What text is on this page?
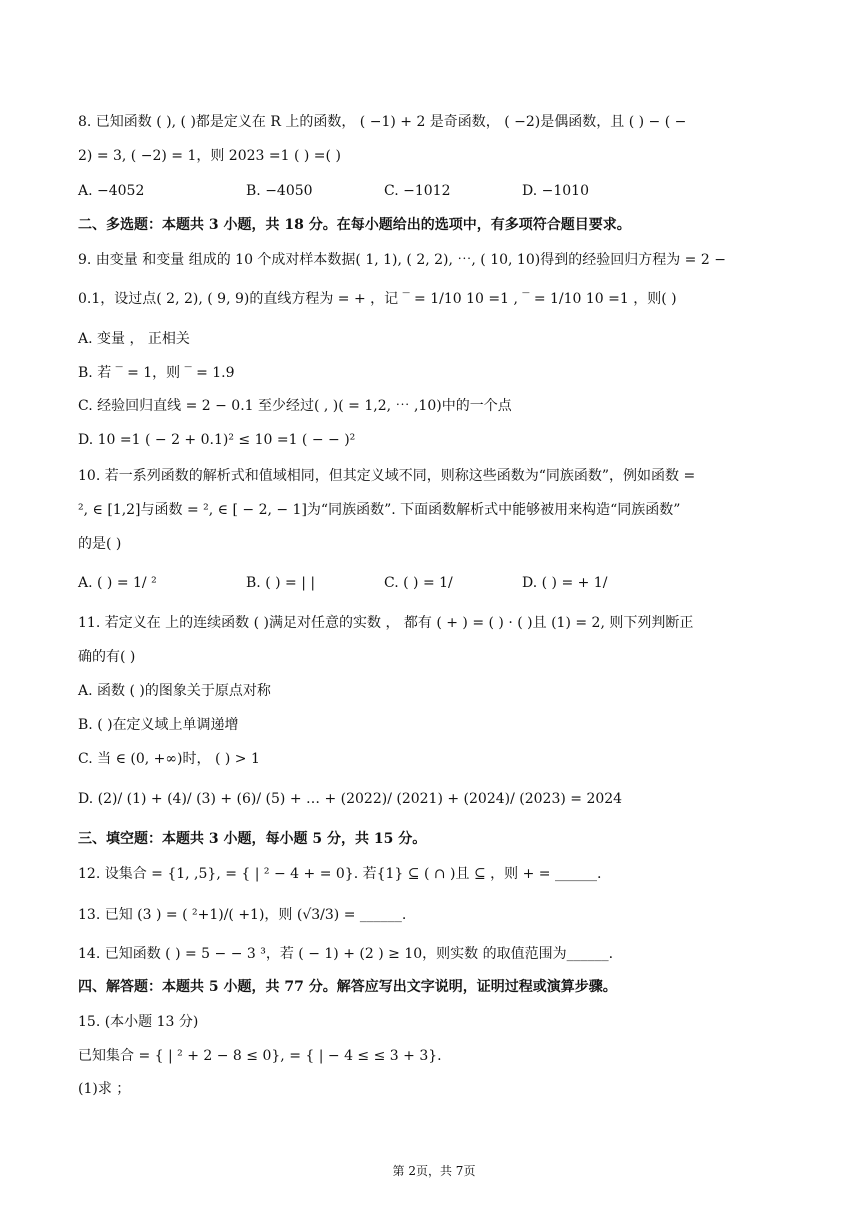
8. 已知函数 ( ), ( )都是定义在 R 上的函数， ( −1) + 2 是奇函数， ( −2)是偶函数，且 ( ) − ( −
2) = 3, ( −2) = 1，则 2023 =1 ( ) =( )
A. −4052	B. −4050	C. −1012	D. −1010
二、多选题：本题共 3 小题，共 18 分。在每小题给出的选项中，有多项符合题目要求。
9. 由变量 和变量 组成的 10 个成对样本数据( 1, 1), ( 2, 2), ⋯, ( 10, 10)得到的经验回归方程为 = 2 −
0.1，设过点( 2, 2), ( 9, 9)的直线方程为 = + ，记 ‾ = 1/10 10 =1 , ‾ = 1/10 10 =1 ，则( )
A. 变量 ， 正相关
B. 若 ‾ = 1，则 ‾ = 1.9
C. 经验回归直线 = 2 − 0.1 至少经过( , )( = 1,2, ⋯ ,10)中的一个点
D. 10 =1 ( − 2 + 0.1)² ≤ 10 =1 ( − − )²
10. 若一系列函数的解析式和值域相同，但其定义域不同，则称这些函数为“同族函数”，例如函数 =
², ∈ [1,2]与函数 = ², ∈ [ − 2, − 1]为“同族函数”. 下面函数解析式中能够被用来构造“同族函数”
的是( )
A. ( ) = 1/ ²	B. ( ) = | |	C. ( ) = 1/	D. ( ) = + 1/
11. 若定义在 上的连续函数 ( )满足对任意的实数 ， 都有 ( + ) = ( ) · ( )且 (1) = 2, 则下列判断正
确的有( )
A. 函数 ( )的图象关于原点对称
B. ( )在定义域上单调递增
C. 当 ∈ (0, +∞)时， ( ) > 1
D. (2)/ (1) + (4)/ (3) + (6)/ (5) + … + (2022)/ (2021) + (2024)/ (2023) = 2024
三、填空题：本题共 3 小题，每小题 5 分，共 15 分。
12. 设集合 = {1, ,5}, = { | ² − 4 + = 0}. 若{1} ⊆ ( ∩ )且 ⊆ ，则 + = ______.
13. 已知 (3 ) = ( ²+1)/( +1)，则 (√3/3) = ______.
14. 已知函数 ( ) = 5 − − 3 ³，若 ( − 1) + (2 ) ≥ 10，则实数 的取值范围为______.
四、解答题：本题共 5 小题，共 77 分。解答应写出文字说明，证明过程或演算步骤。
15. (本小题 13 分)
已知集合 = { | ² + 2 − 8 ≤ 0}, = { | − 4 ≤ ≤ 3 + 3}.
(1)求 ；
第 2页，共 7页
